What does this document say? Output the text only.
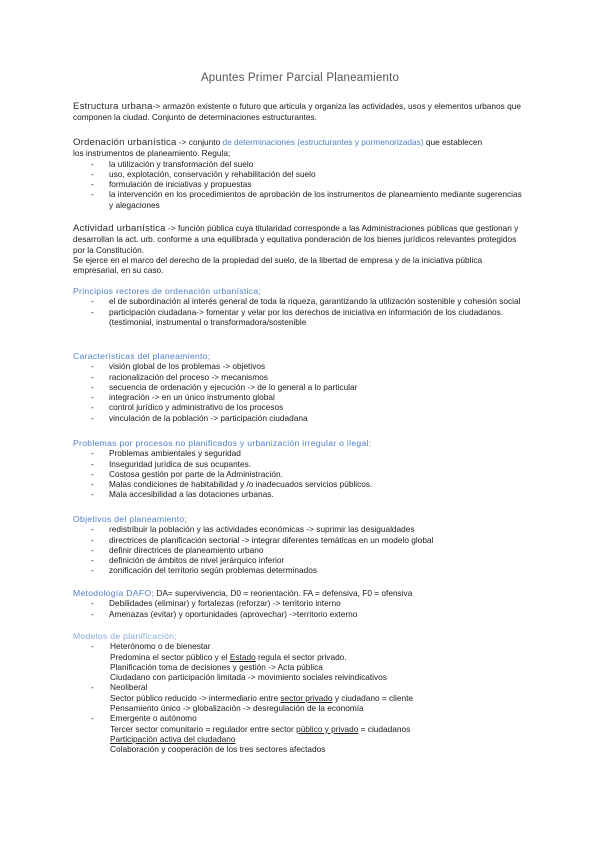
Apuntes Primer Parcial Planeamiento

Estructura urbana-> armazón existente o futuro que articula y organiza las actividades, usos y elementos urbanos que componen la ciudad. Conjunto de determinaciones estructurantes.

Ordenación urbanística -> conjunto de determinaciones (estructurantes y pormenorizadas) que establecen
los instrumentos de planeamiento. Regula;

- la utilización y transformación del suelo
- uso, explotación, conservación y rehabilitación del suelo
- formulación de iniciativas y propuestas
- la intervención en los procedimientos de aprobación de los instrumentos de planeamiento mediante sugerencias y alegaciones

Actividad urbanística -> función pública cuya titularidad corresponde a las Administraciones públicas que gestionan y desarrollan la act. urb. conforme a una equilibrada y equitativa ponderación de los bienes jurídicos relevantes protegidos por la Constitución.

Se ejerce en el marco del derecho de la propiedad del suelo, de la libertad de empresa y de la iniciativa pública empresarial, en su caso.

Principios rectores de ordenación urbanística;

- el de subordinación al interés general de toda la riqueza, garantizando la utilización sostenible y cohesión social
- participación ciudadana-> fomentar y velar por los derechos de iniciativa en información de los ciudadanos. (testimonial, instrumental o transformadora/sostenible

Características del planeamiento;

- visión global de los problemas -> objetivos
- racionalización del proceso -> mecanismos
- secuencia de ordenación y ejecución -> de lo general a lo particular
- integración -> en un único instrumento global
- control jurídico y administrativo de los procesos
- vinculación de la población -> participación ciudadana

Problemas por procesos no planificados y urbanización irregular o ilegal:

- Problemas ambientales y seguridad
- Inseguridad jurídica de sus ocupantes.
- Costosa gestión por parte de la Administración.
- Malas condiciones de habitabilidad y /o inadecuados servicios públicos.
- Mala accesibilidad a las dotaciones urbanas.

Objetivos del planeamiento;

- redistribuir la población y las actividades económicas -> suprimir las desigualdades
- directrices de planificación sectorial -> integrar diferentes temáticas en un modelo global
- definir directrices de planeamiento urbano
- definición de ámbitos de nivel jerárquico inferior
- zonificación del territorio según problemas determinados

Metodología DAFO; DA= supervivencia, D0 = reorientación. FA = defensiva, F0 = ofensiva

- Debilidades (eliminar) y fortalezas (reforzar) -> territorio interno
- Amenazas (evitar) y oportunidades (aprovechar) ->territorio externo

Modelos de planificación;

- Heterónomo o de bienestar
Predomina el sector público y el Estado regula el sector privado.
Planificación toma de decisiones y gestión -> Acta pública
Ciudadano con participación limitada -> movimiento sociales reivindicativos
- Neoliberal
Sector público reducido -> intermediario entre sector privado y ciudadano = cliente
Pensamiento único -> globalización -> desregulación de la economía
- Emergente o autónomo
Tercer sector comunitario = regulador entre sector público y privado = ciudadanos
Participación activa del ciudadano
Colaboración y cooperación de los tres sectores afectados
